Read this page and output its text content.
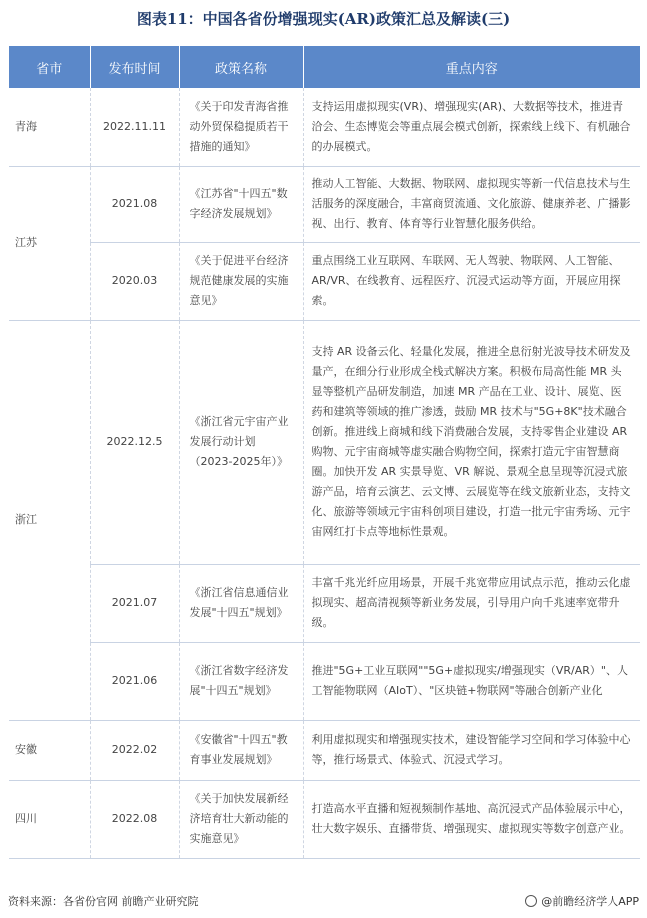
图表11：中国各省份增强现实(AR)政策汇总及解读(三)
省市	发布时间	政策名称	重点内容
青海	2022.11.11	《关于印发青海省推动外贸保稳提质若干措施的通知》	支持运用虚拟现实(VR)、增强现实(AR)、大数据等技术，推进青洽会、生态博览会等重点展会模式创新，探索线上线下、有机融合的办展模式。
江苏	2021.08	《江苏省"十四五"数字经济发展规划》	推动人工智能、大数据、物联网、虚拟现实等新一代信息技术与生活服务的深度融合，丰富商贸流通、文化旅游、健康养老、广播影视、出行、教育、体育等行业智慧化服务供给。
	2020.03	《关于促进平台经济规范健康发展的实施意见》	重点围绕工业互联网、车联网、无人驾驶、物联网、人工智能、AR/VR、在线教育、远程医疗、沉浸式运动等方面，开展应用探索。
浙江	2022.12.5	《浙江省元宇宙产业发展行动计划（2023-2025年）》	支持 AR 设备云化、轻量化发展，推进全息衍射光波导技术研发及量产，在细分行业形成全栈式解决方案。积极布局高性能 MR 头显等整机产品研发制造，加速 MR 产品在工业、设计、展览、医药和建筑等领域的推广渗透，鼓励 MR 技术与"5G+8K"技术融合创新。推进线上商城和线下消费融合发展，支持零售企业建设 AR 购物、元宇宙商城等虚实融合购物空间，探索打造元宇宙智慧商圈。加快开发 AR 实景导览、VR 解说、景观全息呈现等沉浸式旅游产品，培育云演艺、云文博、云展览等在线文旅新业态，支持文化、旅游等领域元宇宙科创项目建设，打造一批元宇宙秀场、元宇宙网红打卡点等地标性景观。
	2021.07	《浙江省信息通信业发展"十四五"规划》	丰富千兆光纤应用场景，开展千兆宽带应用试点示范，推动云化虚拟现实、超高清视频等新业务发展，引导用户向千兆速率宽带升级。
	2021.06	《浙江省数字经济发展"十四五"规划》	推进"5G+工业互联网""5G+虚拟现实/增强现实（VR/AR）"、人工智能物联网（AIoT）、"区块链+物联网"等融合创新产业化
安徽	2022.02	《安徽省"十四五"教育事业发展规划》	利用虚拟现实和增强现实技术，建设智能学习空间和学习体验中心等，推行场景式、体验式、沉浸式学习。
四川	2022.08	《关于加快发展新经济培育壮大新动能的实施意见》	打造高水平直播和短视频制作基地、高沉浸式产品体验展示中心，壮大数字娱乐、直播带货、增强现实、虚拟现实等数字创意产业。
资料来源：各省份官网 前瞻产业研究院	@前瞻经济学人APP
